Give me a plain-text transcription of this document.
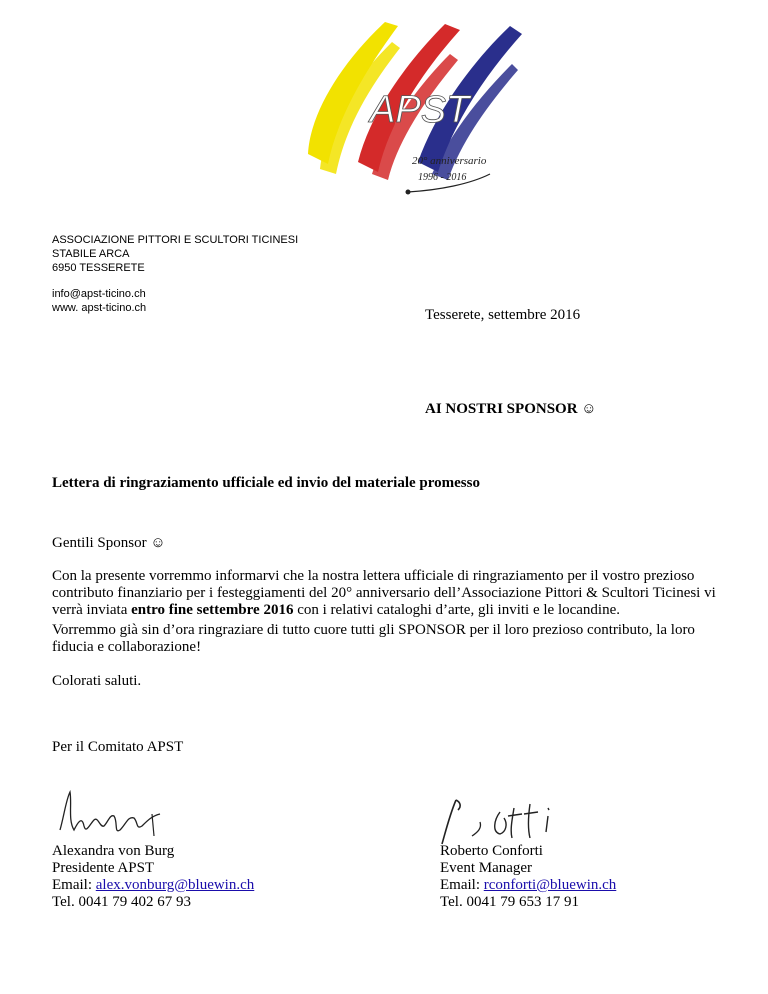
APST
20° anniversario
1996 - 2016
ASSOCIAZIONE PITTORI E SCULTORI TICINESI
STABILE ARCA
6950 TESSERETE
info@apst-ticino.ch
www. apst-ticino.ch	Tesserete, settembre 2016
AI NOSTRI SPONSOR ☺
Lettera di ringraziamento ufficiale ed invio del materiale promesso
Gentili Sponsor ☺
Con la presente vorremmo informarvi che la nostra lettera ufficiale di ringraziamento per il vostro prezioso contributo finanziario per i festeggiamenti del 20° anniversario dell’Associazione Pittori & Scultori Ticinesi vi verrà inviata entro fine settembre 2016 con i relativi cataloghi d’arte, gli inviti e le locandine.
Vorremmo già sin d’ora ringraziare di tutto cuore tutti gli SPONSOR per il loro prezioso contributo, la loro fiducia e collaborazione!
Colorati saluti.
Per il Comitato APST
Alexandra von Burg
Presidente APST
Email: alex.vonburg@bluewin.ch
Tel. 0041 79 402 67 93
Roberto Conforti
Event Manager
Email: rconforti@bluewin.ch
Tel. 0041 79 653 17 91
